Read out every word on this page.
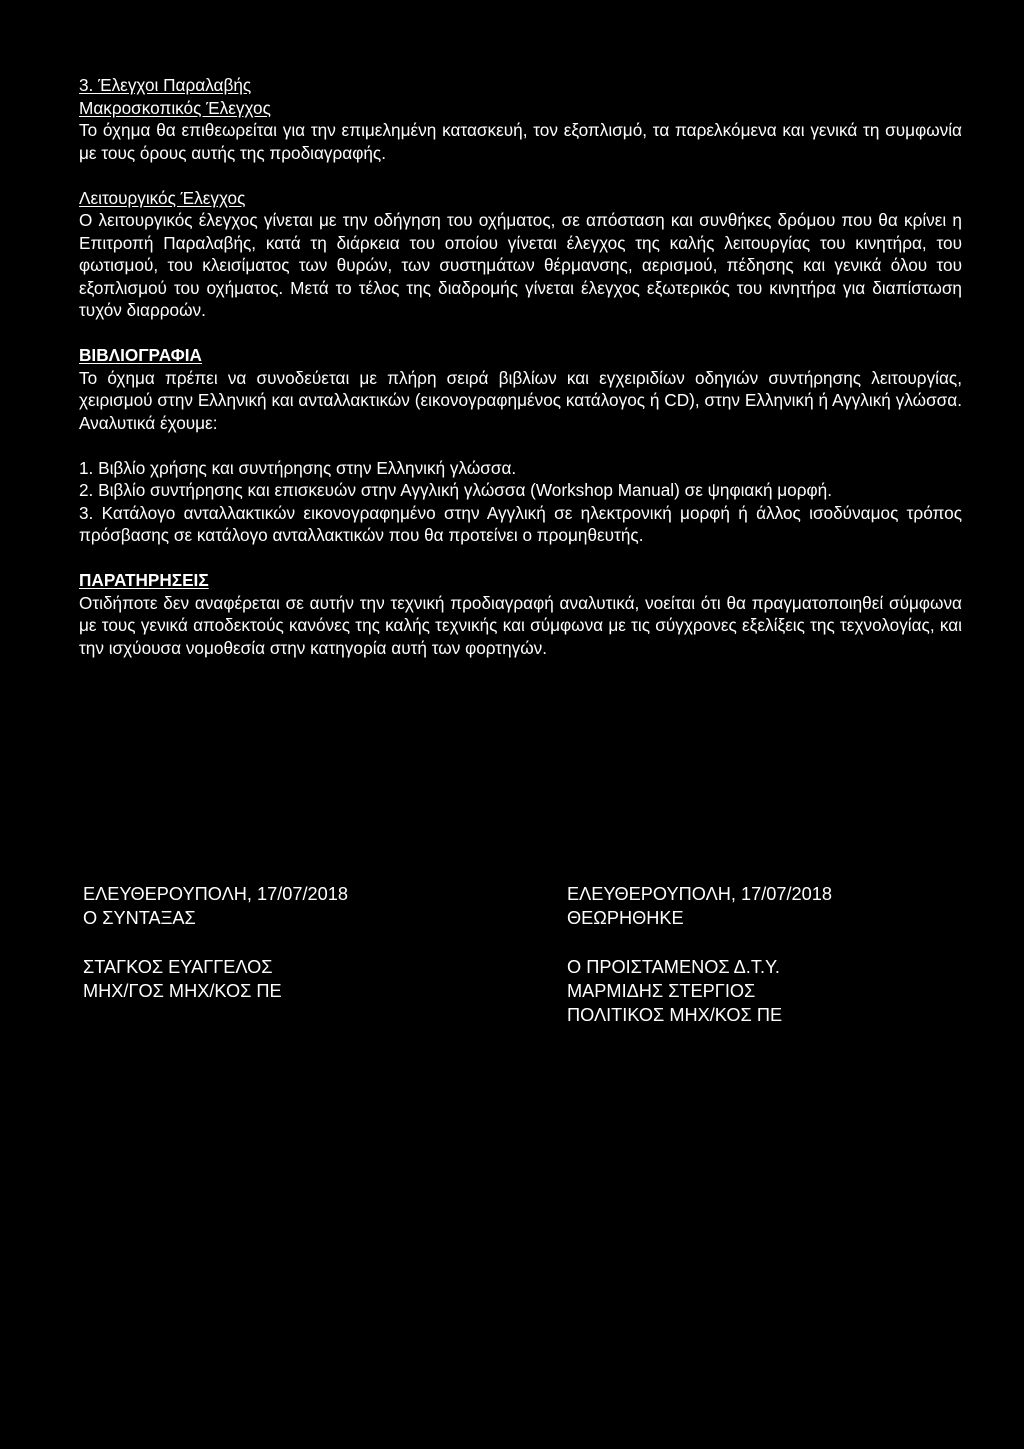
3. Έλεγχοι Παραλαβής
Μακροσκοπικός Έλεγχος
Το όχημα θα επιθεωρείται για την επιμελημένη κατασκευή, τον εξοπλισμό, τα παρελκόμενα και γενικά τη συμφωνία με τους όρους αυτής της προδιαγραφής.
Λειτουργικός Έλεγχος
Ο λειτουργικός έλεγχος γίνεται με την οδήγηση του οχήματος, σε απόσταση και συνθήκες δρόμου που θα κρίνει η Επιτροπή Παραλαβής, κατά τη διάρκεια του οποίου γίνεται έλεγχος της καλής λειτουργίας του κινητήρα, του φωτισμού, του κλεισίματος των θυρών, των συστημάτων θέρμανσης, αερισμού, πέδησης και γενικά όλου του εξοπλισμού του οχήματος. Μετά το τέλος της διαδρομής γίνεται έλεγχος εξωτερικός του κινητήρα για διαπίστωση τυχόν διαρροών.
ΒΙΒΛΙΟΓΡΑΦΙΑ
Το όχημα πρέπει να συνοδεύεται με πλήρη σειρά βιβλίων και εγχειριδίων οδηγιών συντήρησης λειτουργίας, χειρισμού στην Ελληνική και ανταλλακτικών (εικονογραφημένος κατάλογος ή CD), στην Ελληνική ή Αγγλική γλώσσα. Αναλυτικά έχουμε:
1. Βιβλίο χρήσης και συντήρησης στην Ελληνική γλώσσα.
2. Βιβλίο συντήρησης και επισκευών στην Αγγλική γλώσσα (Workshop Manual) σε ψηφιακή μορφή.
3. Κατάλογο ανταλλακτικών εικονογραφημένο στην Αγγλική σε ηλεκτρονική μορφή ή άλλος ισοδύναμος τρόπος πρόσβασης σε κατάλογο ανταλλακτικών που θα προτείνει ο προμηθευτής.
ΠΑΡΑΤΗΡΗΣΕΙΣ
Οτιδήποτε δεν αναφέρεται σε αυτήν την τεχνική προδιαγραφή αναλυτικά, νοείται ότι θα πραγματοποιηθεί σύμφωνα με τους γενικά αποδεκτούς κανόνες της καλής τεχνικής και σύμφωνα με τις σύγχρονες εξελίξεις της τεχνολογίας, και την ισχύουσα νομοθεσία στην κατηγορία αυτή των φορτηγών.
ΕΛΕΥΘΕΡΟΥΠΟΛΗ, 17/07/2018
Ο ΣΥΝΤΑΞΑΣ
ΣΤΑΓΚΟΣ ΕΥΑΓΓΕΛΟΣ
ΜΗΧ/ΓΟΣ ΜΗΧ/ΚΟΣ ΠΕ
ΕΛΕΥΘΕΡΟΥΠΟΛΗ, 17/07/2018
ΘΕΩΡΗΘΗΚΕ
Ο ΠΡΟΙΣΤΑΜΕΝΟΣ Δ.Τ.Υ.
ΜΑΡΜΙΔΗΣ ΣΤΕΡΓΙΟΣ
ΠΟΛΙΤΙΚΟΣ ΜΗΧ/ΚΟΣ ΠΕ
